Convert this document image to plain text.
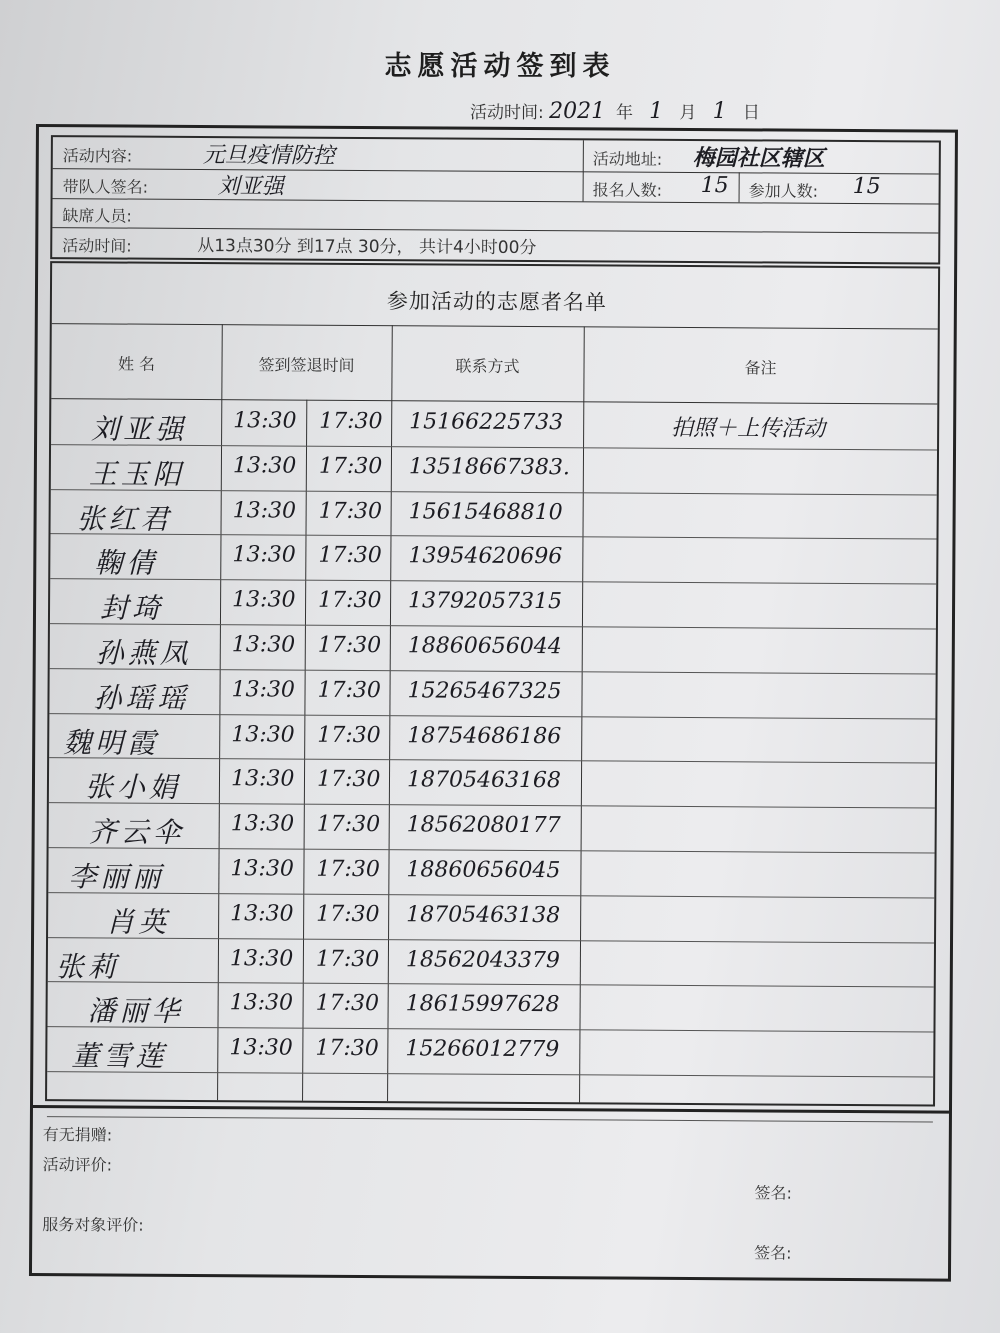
志愿活动签到表
活动时间: 2021 年 1 月 1 日
活动内容:	元旦疫情防控	活动地址: 梅园社区辖区
带队人签名:	刘亚强	报名人数: 15 参加人数: 15
缺席人员:
活动时间:	从13点30分 到17点 30分， 共计4小时00分
参加活动的志愿者名单
姓 名	签到签退时间	联系方式	备注
刘亚强 13:30 17:30 15166225733	拍照＋上传活动
王玉阳 13:30 17:30 13518667383.
张红君	13:30 17:30 15615468810
鞠倩	13:30 17:30 13954620696
封琦	13:30 17:30 13792057315
孙燕凤 13:30 17:30 18860656044
孙瑶瑶 13:30 17:30 15265467325
魏明霞	13:30 17:30 18754686186
张小娟 13:30 17:30 18705463168
齐云伞 13:30 17:30 18562080177
李丽丽	13:30 17:30 18860656045
肖英	13:30 17:30 18705463138
张莉	13:30 17:30 18562043379
潘丽华 13:30 17:30 18615997628
董雪莲	13:30 17:30 15266012779
有无捐赠:
活动评价:
签名:
服务对象评价:
签名:
